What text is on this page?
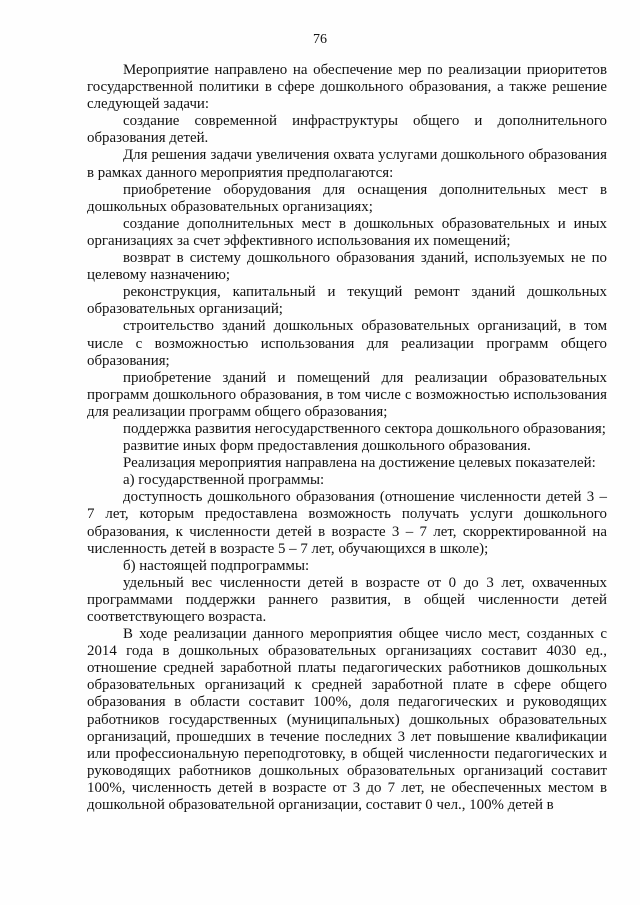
76

Мероприятие направлено на обеспечение мер по реализации приоритетов государственной политики в сфере дошкольного образования, а также решение следующей задачи:

создание современной инфраструктуры общего и дополнительного образования детей.

Для решения задачи увеличения охвата услугами дошкольного образования в рамках данного мероприятия предполагаются:

приобретение оборудования для оснащения дополнительных мест в дошкольных образовательных организациях;

создание дополнительных мест в дошкольных образовательных и иных организациях за счет эффективного использования их помещений;

возврат в систему дошкольного образования зданий, используемых не по целевому назначению;

реконструкция, капитальный и текущий ремонт зданий дошкольных образовательных организаций;

строительство зданий дошкольных образовательных организаций, в том числе с возможностью использования для реализации программ общего образования;

приобретение зданий и помещений для реализации образовательных программ дошкольного образования, в том числе с возможностью использования для реализации программ общего образования;

поддержка развития негосударственного сектора дошкольного образования;

развитие иных форм предоставления дошкольного образования.

Реализация мероприятия направлена на достижение целевых показателей:

а) государственной программы:

доступность дошкольного образования (отношение численности детей 3 – 7 лет, которым предоставлена возможность получать услуги дошкольного образования, к численности детей в возрасте 3 – 7 лет, скорректированной на численность детей в возрасте 5 – 7 лет, обучающихся в школе);

б) настоящей подпрограммы:

удельный вес численности детей в возрасте от 0 до 3 лет, охваченных программами поддержки раннего развития, в общей численности детей соответствующего возраста.

В ходе реализации данного мероприятия общее число мест, созданных с 2014 года в дошкольных образовательных организациях составит 4030 ед., отношение средней заработной платы педагогических работников дошкольных образовательных организаций к средней заработной плате в сфере общего образования в области составит 100%, доля педагогических и руководящих работников государственных (муниципальных) дошкольных образовательных организаций, прошедших в течение последних 3 лет повышение квалификации или профессиональную переподготовку, в общей численности педагогических и руководящих работников дошкольных образовательных организаций составит 100%, численность детей в возрасте от 3 до 7 лет, не обеспеченных местом в дошкольной образовательной организации, составит 0 чел., 100% детей в
